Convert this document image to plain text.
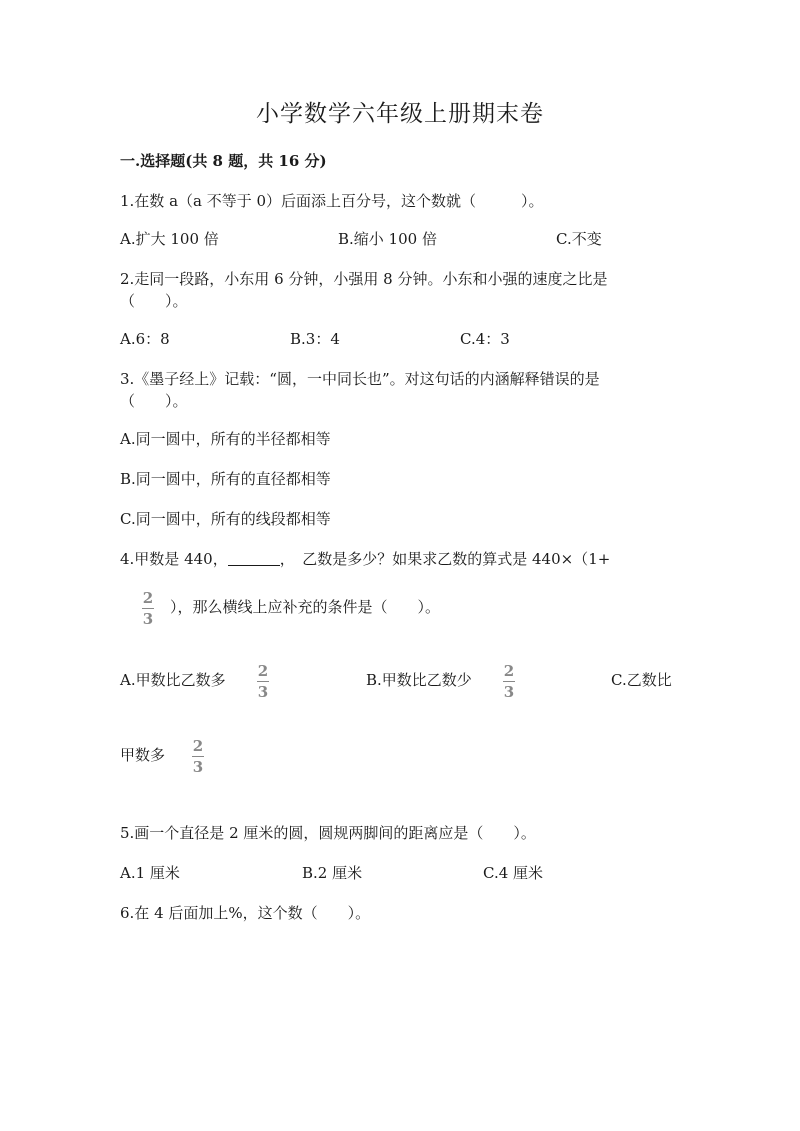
小学数学六年级上册期末卷
一.选择题(共 8 题，共 16 分)
1.在数 a（a 不等于 0）后面添上百分号，这个数就（　　　）。
A.扩大 100 倍	B.缩小 100 倍	C.不变
2.走同一段路，小东用 6 分钟，小强用 8 分钟。小东和小强的速度之比是
（　　）。
A.6：8	B.3：4	C.4：3
3.《墨子经上》记载：“圆，一中同长也”。对这句话的内涵解释错误的是
（　　）。
A.同一圆中，所有的半径都相等
B.同一圆中，所有的直径都相等
C.同一圆中，所有的线段都相等
4.甲数是 440，	，　乙数是多少？如果求乙数的算式是 440×（1+
2
3
），那么横线上应补充的条件是（　　）。
A.甲数比乙数多 2
3
B.甲数比乙数少 2
3
C.乙数比
甲数多 2
3
5.画一个直径是 2 厘米的圆，圆规两脚间的距离应是（　　）。
A.1 厘米	B.2 厘米	C.4 厘米
6.在 4 后面加上%，这个数（　　）。
